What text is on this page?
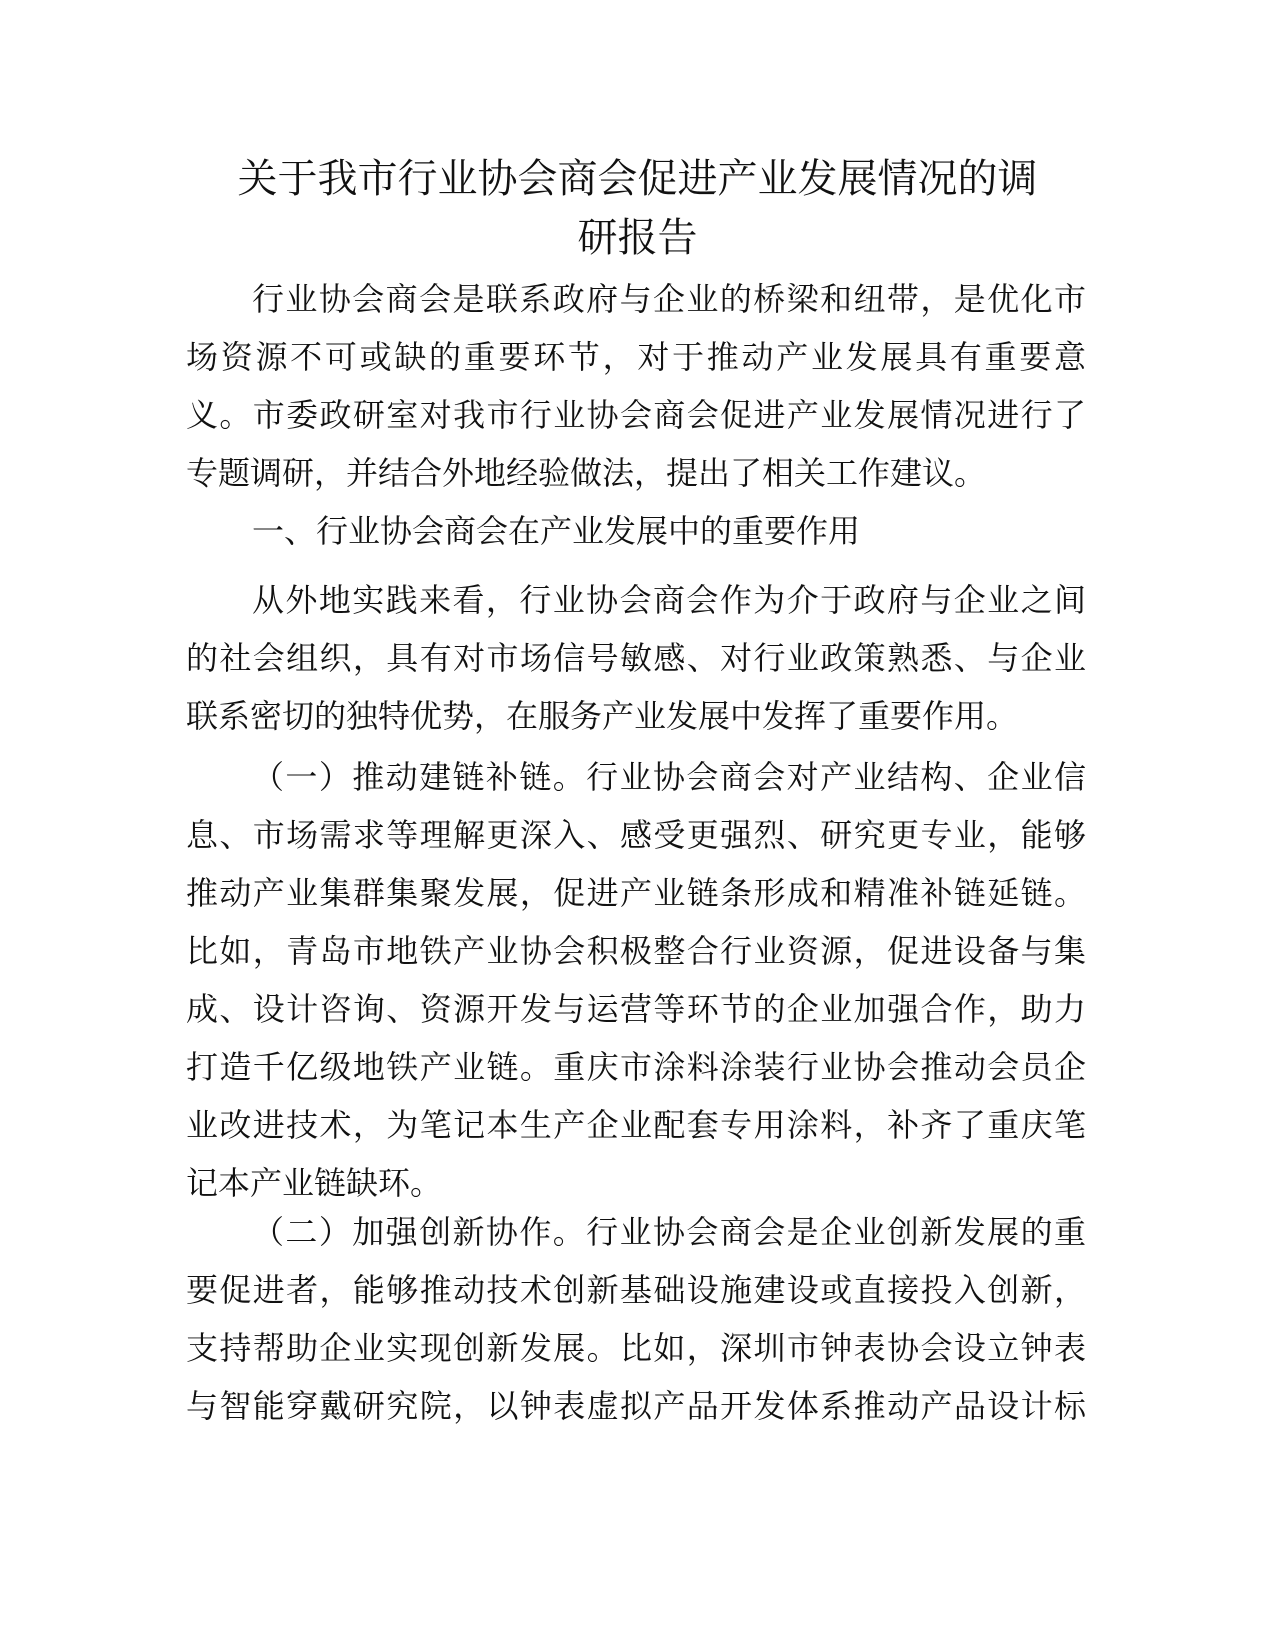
关于我市行业协会商会促进产业发展情况的调
研报告
行业协会商会是联系政府与企业的桥梁和纽带，是优化市
场资源不可或缺的重要环节，对于推动产业发展具有重要意
义。市委政研室对我市行业协会商会促进产业发展情况进行了
专题调研，并结合外地经验做法，提出了相关工作建议。
一、行业协会商会在产业发展中的重要作用
从外地实践来看，行业协会商会作为介于政府与企业之间
的社会组织，具有对市场信号敏感、对行业政策熟悉、与企业
联系密切的独特优势，在服务产业发展中发挥了重要作用。
（一）推动建链补链。行业协会商会对产业结构、企业信
息、市场需求等理解更深入、感受更强烈、研究更专业，能够
推动产业集群集聚发展，促进产业链条形成和精准补链延链。
比如，青岛市地铁产业协会积极整合行业资源，促进设备与集
成、设计咨询、资源开发与运营等环节的企业加强合作，助力
打造千亿级地铁产业链。重庆市涂料涂装行业协会推动会员企
业改进技术，为笔记本生产企业配套专用涂料，补齐了重庆笔
记本产业链缺环。
（二）加强创新协作。行业协会商会是企业创新发展的重
要促进者，能够推动技术创新基础设施建设或直接投入创新，
支持帮助企业实现创新发展。比如，深圳市钟表协会设立钟表
与智能穿戴研究院，以钟表虚拟产品开发体系推动产品设计标
